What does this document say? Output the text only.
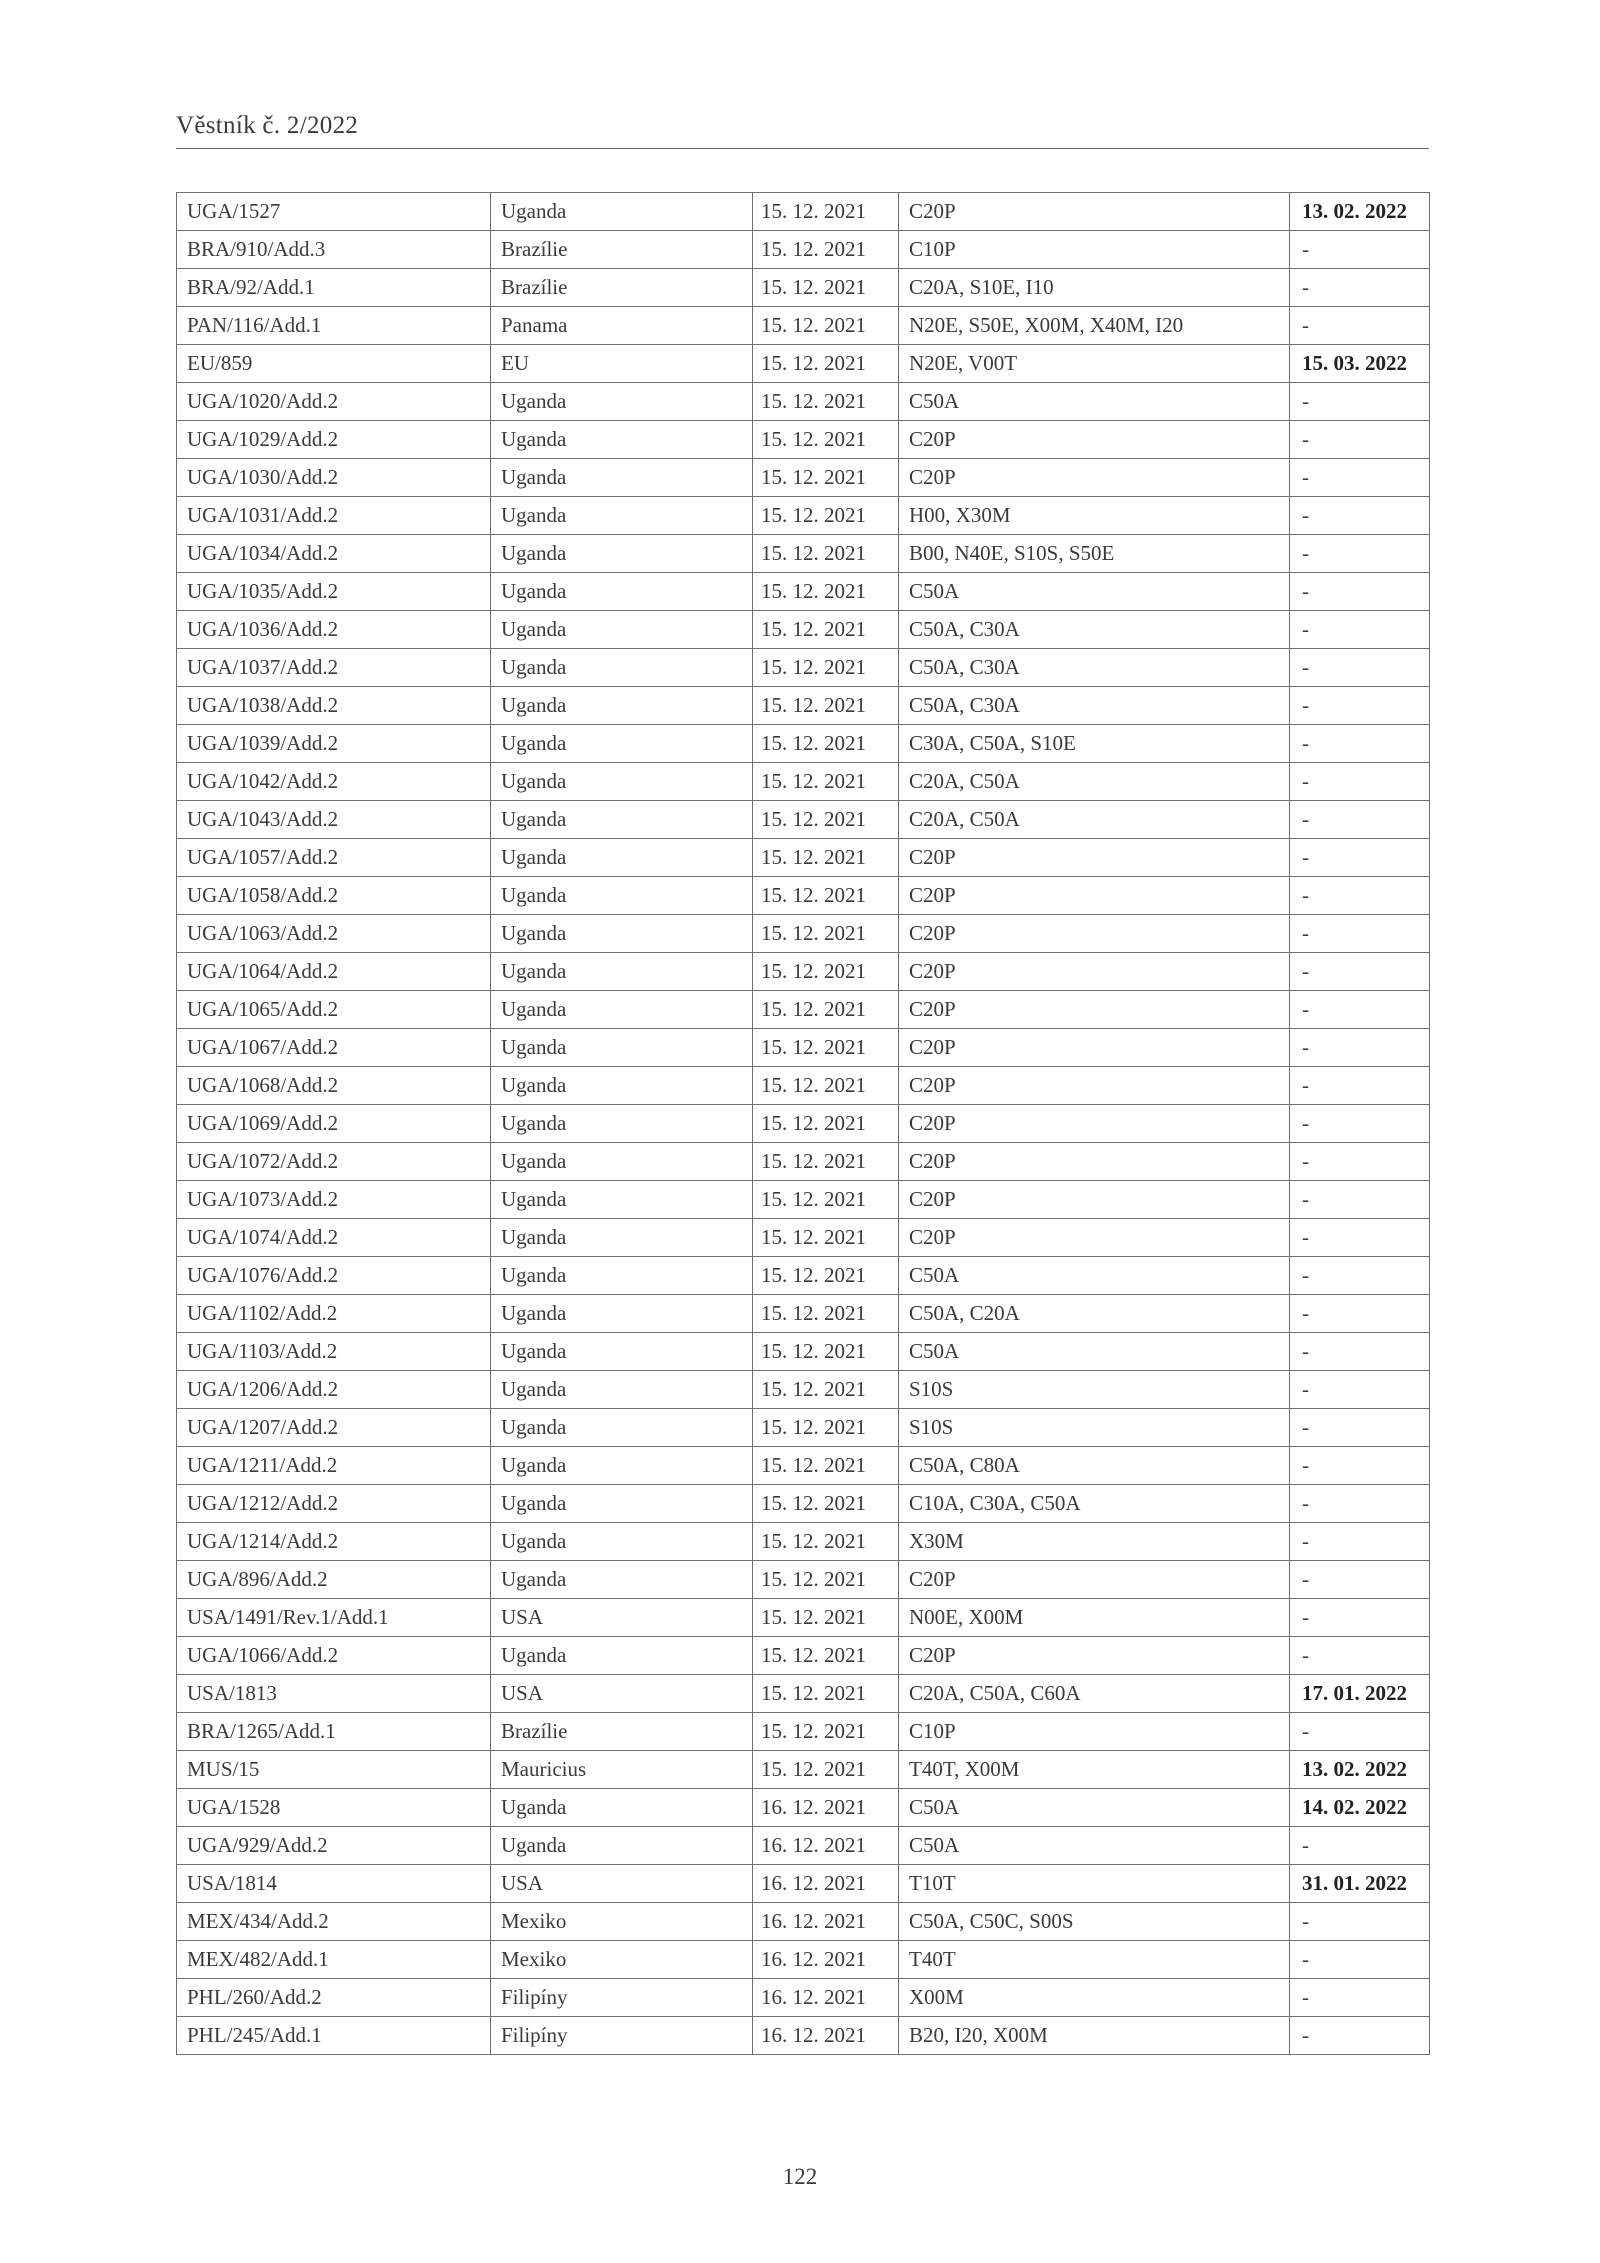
Věstník č. 2/2022
UGA/1527	Uganda	15. 12. 2021	C20P	13. 02. 2022
BRA/910/Add.3	Brazílie	15. 12. 2021	C10P	-
BRA/92/Add.1	Brazílie	15. 12. 2021	C20A, S10E, I10	-
PAN/116/Add.1	Panama	15. 12. 2021	N20E, S50E, X00M, X40M, I20	-
EU/859	EU	15. 12. 2021	N20E, V00T	15. 03. 2022
UGA/1020/Add.2	Uganda	15. 12. 2021	C50A	-
UGA/1029/Add.2	Uganda	15. 12. 2021	C20P	-
UGA/1030/Add.2	Uganda	15. 12. 2021	C20P	-
UGA/1031/Add.2	Uganda	15. 12. 2021	H00, X30M	-
UGA/1034/Add.2	Uganda	15. 12. 2021	B00, N40E, S10S, S50E	-
UGA/1035/Add.2	Uganda	15. 12. 2021	C50A	-
UGA/1036/Add.2	Uganda	15. 12. 2021	C50A, C30A	-
UGA/1037/Add.2	Uganda	15. 12. 2021	C50A, C30A	-
UGA/1038/Add.2	Uganda	15. 12. 2021	C50A, C30A	-
UGA/1039/Add.2	Uganda	15. 12. 2021	C30A, C50A, S10E	-
UGA/1042/Add.2	Uganda	15. 12. 2021	C20A, C50A	-
UGA/1043/Add.2	Uganda	15. 12. 2021	C20A, C50A	-
UGA/1057/Add.2	Uganda	15. 12. 2021	C20P	-
UGA/1058/Add.2	Uganda	15. 12. 2021	C20P	-
UGA/1063/Add.2	Uganda	15. 12. 2021	C20P	-
UGA/1064/Add.2	Uganda	15. 12. 2021	C20P	-
UGA/1065/Add.2	Uganda	15. 12. 2021	C20P	-
UGA/1067/Add.2	Uganda	15. 12. 2021	C20P	-
UGA/1068/Add.2	Uganda	15. 12. 2021	C20P	-
UGA/1069/Add.2	Uganda	15. 12. 2021	C20P	-
UGA/1072/Add.2	Uganda	15. 12. 2021	C20P	-
UGA/1073/Add.2	Uganda	15. 12. 2021	C20P	-
UGA/1074/Add.2	Uganda	15. 12. 2021	C20P	-
UGA/1076/Add.2	Uganda	15. 12. 2021	C50A	-
UGA/1102/Add.2	Uganda	15. 12. 2021	C50A, C20A	-
UGA/1103/Add.2	Uganda	15. 12. 2021	C50A	-
UGA/1206/Add.2	Uganda	15. 12. 2021	S10S	-
UGA/1207/Add.2	Uganda	15. 12. 2021	S10S	-
UGA/1211/Add.2	Uganda	15. 12. 2021	C50A, C80A	-
UGA/1212/Add.2	Uganda	15. 12. 2021	C10A, C30A, C50A	-
UGA/1214/Add.2	Uganda	15. 12. 2021	X30M	-
UGA/896/Add.2	Uganda	15. 12. 2021	C20P	-
USA/1491/Rev.1/Add.1	USA	15. 12. 2021	N00E, X00M	-
UGA/1066/Add.2	Uganda	15. 12. 2021	C20P	-
USA/1813	USA	15. 12. 2021	C20A, C50A, C60A	17. 01. 2022
BRA/1265/Add.1	Brazílie	15. 12. 2021	C10P	-
MUS/15	Mauricius	15. 12. 2021	T40T, X00M	13. 02. 2022
UGA/1528	Uganda	16. 12. 2021	C50A	14. 02. 2022
UGA/929/Add.2	Uganda	16. 12. 2021	C50A	-
USA/1814	USA	16. 12. 2021	T10T	31. 01. 2022
MEX/434/Add.2	Mexiko	16. 12. 2021	C50A, C50C, S00S	-
MEX/482/Add.1	Mexiko	16. 12. 2021	T40T	-
PHL/260/Add.2	Filipíny	16. 12. 2021	X00M	-
PHL/245/Add.1	Filipíny	16. 12. 2021	B20, I20, X00M	-
122
